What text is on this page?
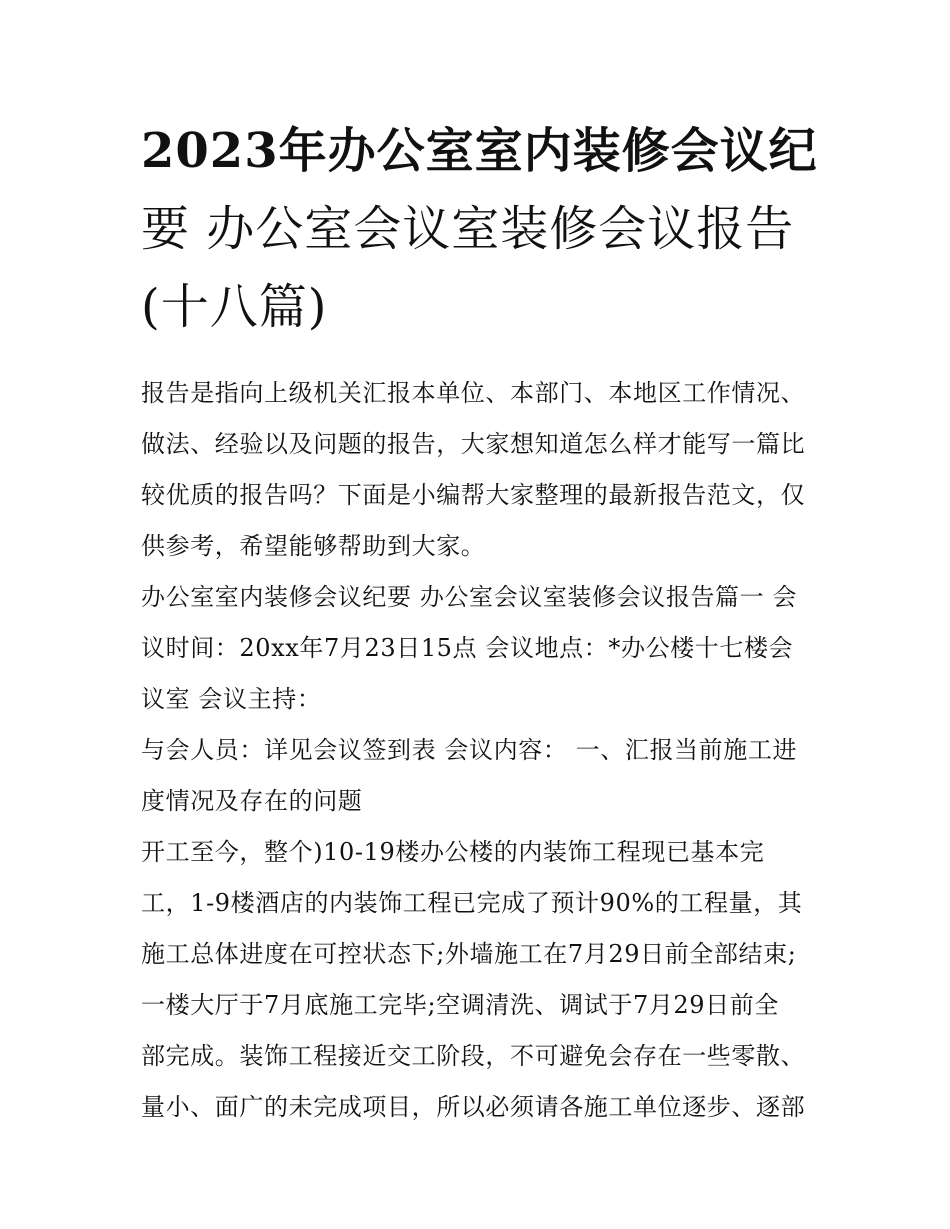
2023年办公室室内装修会议纪
要 办公室会议室装修会议报告
(十八篇)
报告是指向上级机关汇报本单位、本部门、本地区工作情况、
做法、经验以及问题的报告，大家想知道怎么样才能写一篇比
较优质的报告吗？下面是小编帮大家整理的最新报告范文，仅
供参考，希望能够帮助到大家。
办公室室内装修会议纪要 办公室会议室装修会议报告篇一 会
议时间：20xx年7月23日15点 会议地点：*办公楼十七楼会
议室 会议主持：
与会人员：详见会议签到表 会议内容： 一、汇报当前施工进
度情况及存在的问题
开工至今，整个)10-19楼办公楼的内装饰工程现已基本完
工，1-9楼酒店的内装饰工程已完成了预计90%的工程量，其
施工总体进度在可控状态下;外墙施工在7月29日前全部结束;
一楼大厅于7月底施工完毕;空调清洗、调试于7月29日前全
部完成。装饰工程接近交工阶段，不可避免会存在一些零散、
量小、面广的未完成项目，所以必须请各施工单位逐步、逐部
